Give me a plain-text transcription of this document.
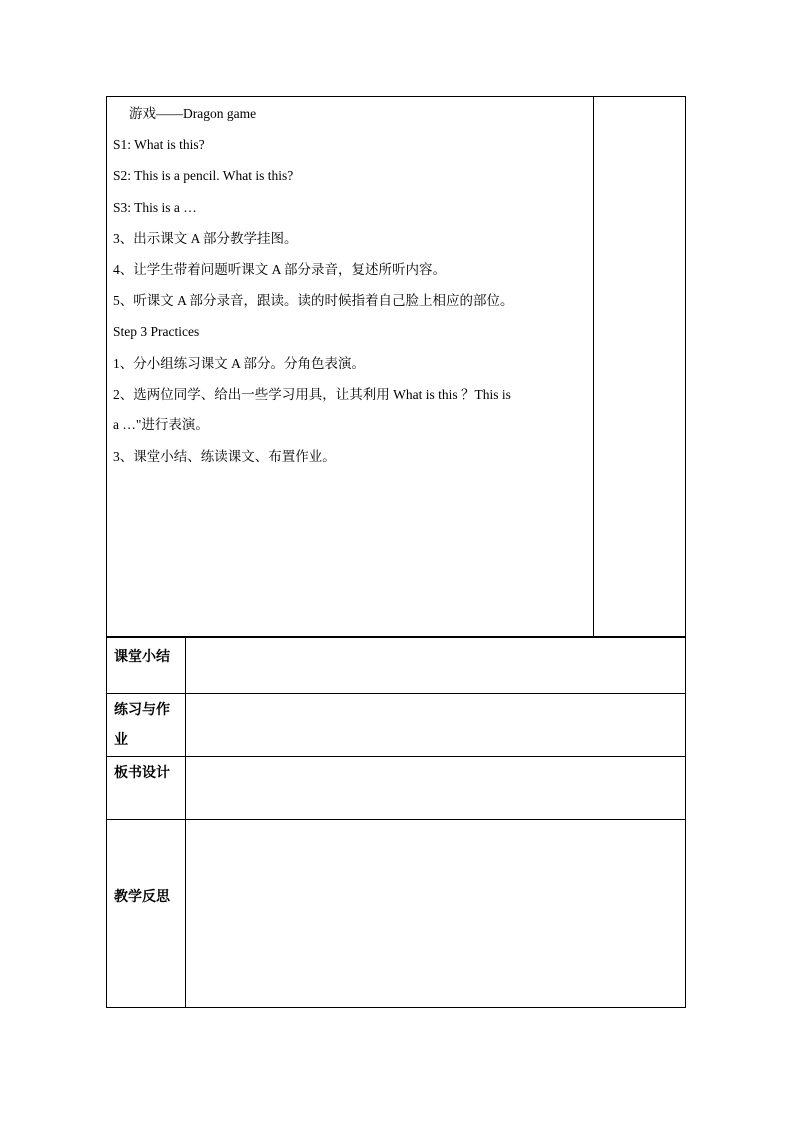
游戏——Dragon game
S1: What is this?
S2: This is a pencil. What is this?
S3: This is a …
3、出示课文 A 部分教学挂图。
4、让学生带着问题听课文 A 部分录音，复述所听内容。
5、听课文 A 部分录音，跟读。读的时候指着自己脸上相应的部位。
Step 3 Practices
1、分小组练习课文 A 部分。分角色表演。
2、选两位同学、给出一些学习用具，让其利用 What is this ？This is
a …"进行表演。
3、课堂小结、练读课文、布置作业。
课堂小结
练习与作
业
板书设计
教学反思
